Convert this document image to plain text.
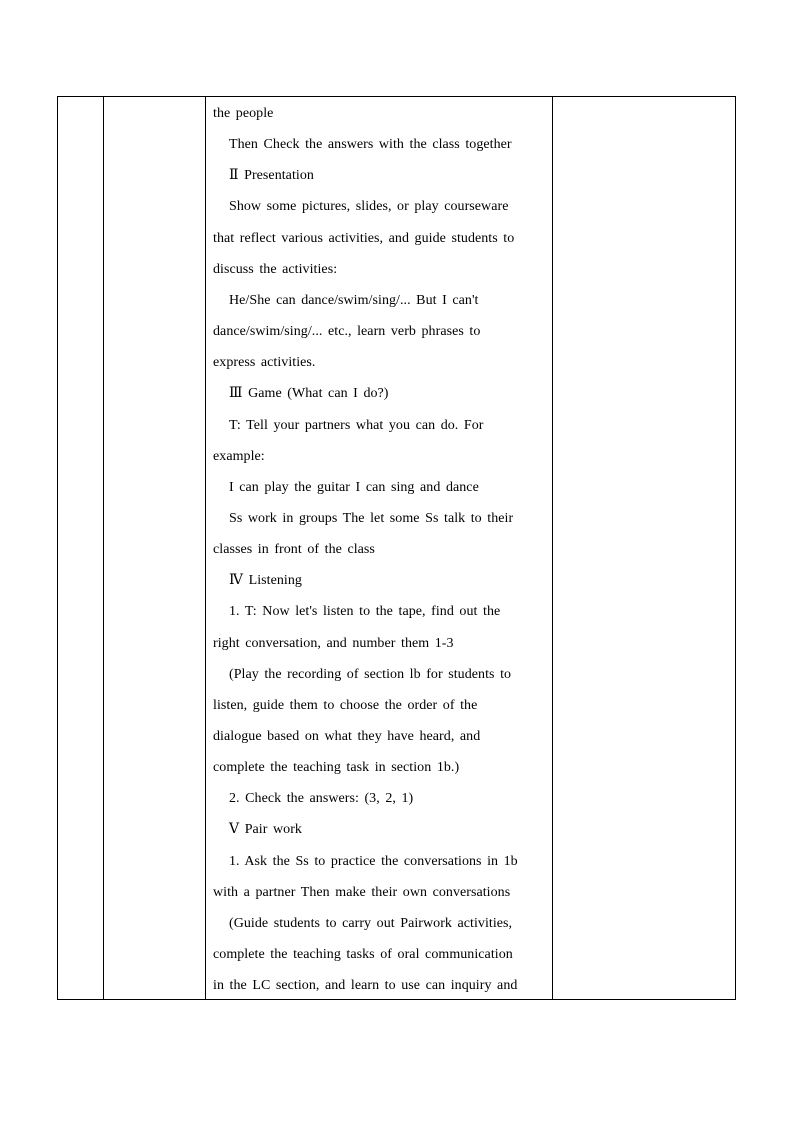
the people
Then Check the answers with the class together
Ⅱ Presentation
Show some pictures, slides, or play courseware
that reflect various activities, and guide students to
discuss the activities:
He/She can dance/swim/sing/... But I can't
dance/swim/sing/... etc., learn verb phrases to
express activities.
Ⅲ Game (What can I do?)
T: Tell your partners what you can do. For
example:
I can play the guitar I can sing and dance
Ss work in groups The let some Ss talk to their
classes in front of the class
Ⅳ Listening
1. T: Now let's listen to the tape, find out the
right conversation, and number them 1-3
(Play the recording of section lb for students to
listen, guide them to choose the order of the
dialogue based on what they have heard, and
complete the teaching task in section 1b.)
2. Check the answers: (3, 2, 1)
Ⅴ Pair work
1. Ask the Ss to practice the conversations in 1b
with a partner Then make their own conversations
(Guide students to carry out Pairwork activities,
complete the teaching tasks of oral communication
in the LC section, and learn to use can inquiry and
